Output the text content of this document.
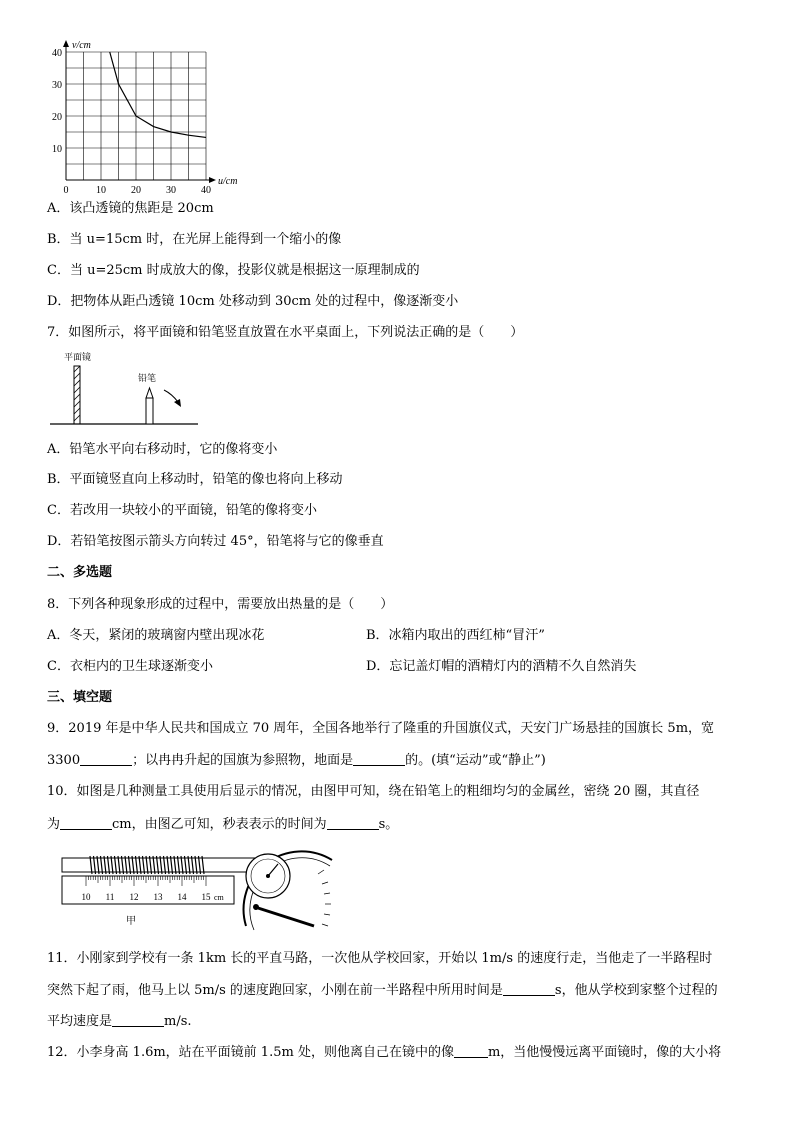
0	10	20	30	40
10
20
30
40
u/cm
v/cm
A．该凸透镜的焦距是 20cm
B．当 u=15cm 时，在光屏上能得到一个缩小的像
C．当 u=25cm 时成放大的像，投影仪就是根据这一原理制成的
D．把物体从距凸透镜 10cm 处移动到 30cm 处的过程中，像逐渐变小
7．如图所示，将平面镜和铅笔竖直放置在水平桌面上，下列说法正确的是（　　）
平面镜
铅笔
A．铅笔水平向右移动时，它的像将变小
B．平面镜竖直向上移动时，铅笔的像也将向上移动
C．若改用一块较小的平面镜，铅笔的像将变小
D．若铅笔按图示箭头方向转过 45°，铅笔将与它的像垂直
二、多选题
8．下列各种现象形成的过程中，需要放出热量的是（　　）
A．冬天，紧闭的玻璃窗内壁出现冰花	B．冰箱内取出的西红柿“冒汗”
C．衣柜内的卫生球逐渐变小	D．忘记盖灯帽的酒精灯内的酒精不久自然消失
三、填空题
9．2019 年是中华人民共和国成立 70 周年，全国各地举行了隆重的升国旗仪式，天安门广场悬挂的国旗长 5m，宽
3300	；以冉冉升起的国旗为参照物，地面是	的。(填“运动”或“静止”)
10．如图是几种测量工具使用后显示的情况，由图甲可知，绕在铅笔上的粗细均匀的金属丝，密绕 20 圈，其直径
为	cm，由图乙可知，秒表表示的时间为	s。
10 11 12 13 14 15 cm
甲
11．小刚家到学校有一条 1km 长的平直马路，一次他从学校回家，开始以 1m/s 的速度行走，当他走了一半路程时
突然下起了雨，他马上以 5m/s 的速度跑回家，小刚在前一半路程中所用时间是	s，他从学校到家整个过程的
平均速度是	m/s.
12．小李身高 1.6m，站在平面镜前 1.5m 处，则他离自己在镜中的像	m，当他慢慢远离平面镜时，像的大小将
